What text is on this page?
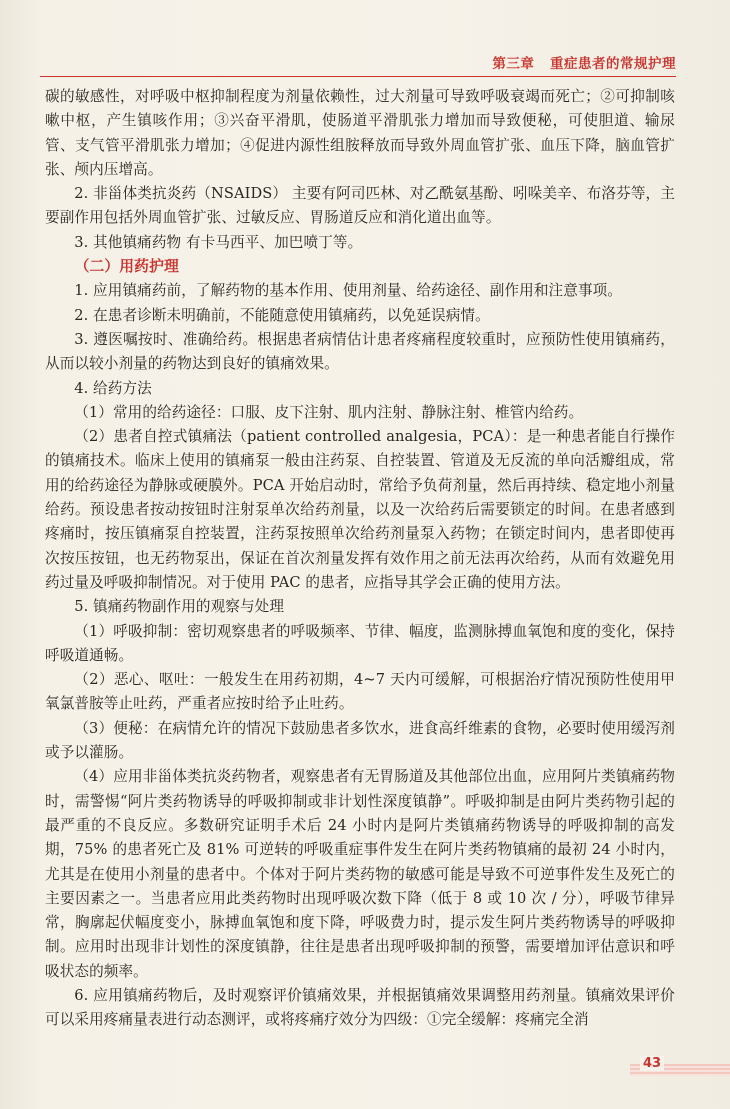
第三章 重症患者的常规护理

碳的敏感性，对呼吸中枢抑制程度为剂量依赖性，过大剂量可导致呼吸衰竭而死亡；②可抑制咳嗽中枢，产生镇咳作用；③兴奋平滑肌，使肠道平滑肌张力增加而导致便秘，可使胆道、输尿管、支气管平滑肌张力增加；④促进内源性组胺释放而导致外周血管扩张、血压下降，脑血管扩张、颅内压增高。

2. 非甾体类抗炎药（NSAIDS） 主要有阿司匹林、对乙酰氨基酚、吲哚美辛、布洛芬等，主要副作用包括外周血管扩张、过敏反应、胃肠道反应和消化道出血等。

3. 其他镇痛药物 有卡马西平、加巴喷丁等。

（二）用药护理

1. 应用镇痛药前，了解药物的基本作用、使用剂量、给药途径、副作用和注意事项。

2. 在患者诊断未明确前，不能随意使用镇痛药，以免延误病情。

3. 遵医嘱按时、准确给药。根据患者病情估计患者疼痛程度较重时，应预防性使用镇痛药，从而以较小剂量的药物达到良好的镇痛效果。

4. 给药方法

（1）常用的给药途径：口服、皮下注射、肌内注射、静脉注射、椎管内给药。

（2）患者自控式镇痛法（patient controlled analgesia，PCA）：是一种患者能自行操作的镇痛技术。临床上使用的镇痛泵一般由注药泵、自控装置、管道及无反流的单向活瓣组成，常用的给药途径为静脉或硬膜外。PCA 开始启动时，常给予负荷剂量，然后再持续、稳定地小剂量给药。预设患者按动按钮时注射泵单次给药剂量，以及一次给药后需要锁定的时间。在患者感到疼痛时，按压镇痛泵自控装置，注药泵按照单次给药剂量泵入药物；在锁定时间内，患者即使再次按压按钮，也无药物泵出，保证在首次剂量发挥有效作用之前无法再次给药，从而有效避免用药过量及呼吸抑制情况。对于使用 PAC 的患者，应指导其学会正确的使用方法。

5. 镇痛药物副作用的观察与处理

（1）呼吸抑制：密切观察患者的呼吸频率、节律、幅度，监测脉搏血氧饱和度的变化，保持呼吸道通畅。

（2）恶心、呕吐：一般发生在用药初期，4~7 天内可缓解，可根据治疗情况预防性使用甲氧氯普胺等止吐药，严重者应按时给予止吐药。

（3）便秘：在病情允许的情况下鼓励患者多饮水，进食高纤维素的食物，必要时使用缓泻剂或予以灌肠。

（4）应用非甾体类抗炎药物者，观察患者有无胃肠道及其他部位出血，应用阿片类镇痛药物时，需警惕“阿片类药物诱导的呼吸抑制或非计划性深度镇静”。呼吸抑制是由阿片类药物引起的最严重的不良反应。多数研究证明手术后 24 小时内是阿片类镇痛药物诱导的呼吸抑制的高发期，75% 的患者死亡及 81% 可逆转的呼吸重症事件发生在阿片类药物镇痛的最初 24 小时内，尤其是在使用小剂量的患者中。个体对于阿片类药物的敏感可能是导致不可逆事件发生及死亡的主要因素之一。当患者应用此类药物时出现呼吸次数下降（低于 8 或 10 次 / 分），呼吸节律异常，胸廓起伏幅度变小，脉搏血氧饱和度下降，呼吸费力时，提示发生阿片类药物诱导的呼吸抑制。应用时出现非计划性的深度镇静，往往是患者出现呼吸抑制的预警，需要增加评估意识和呼吸状态的频率。

6. 应用镇痛药物后，及时观察评价镇痛效果，并根据镇痛效果调整用药剂量。镇痛效果评价可以采用疼痛量表进行动态测评，或将疼痛疗效分为四级：①完全缓解：疼痛完全消

43
